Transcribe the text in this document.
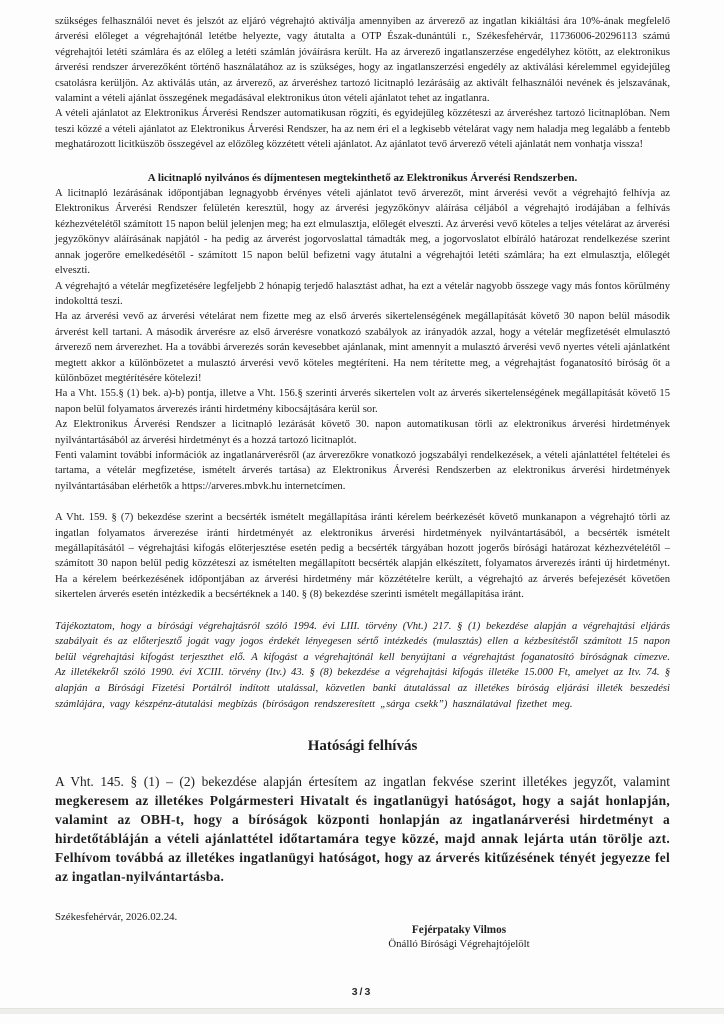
szükséges felhasználói nevet és jelszót az eljáró végrehajtó aktiválja amennyiben az árverező az ingatlan kikiáltási ára 10%-ának megfelelő árverési előleget a végrehajtónál letétbe helyezte, vagy átutalta a OTP Észak-dunántúli r., Székesfehérvár, 11736006-20296113 számú végrehajtói letéti számlára és az előleg a letéti számlán jóváírásra került. Ha az árverező ingatlanszerzése engedélyhez kötött, az elektronikus árverési rendszer árverezőként történő használatához az is szükséges, hogy az ingatlanszerzési engedély az aktiválási kérelemmel egyidejűleg csatolásra kerüljön. Az aktiválás után, az árverező, az árveréshez tartozó licitnapló lezárásáig az aktivált felhasználói nevének és jelszavának, valamint a vételi ajánlat összegének megadásával elektronikus úton vételi ajánlatot tehet az ingatlanra.

A vételi ajánlatot az Elektronikus Árverési Rendszer automatikusan rögzíti, és egyidejűleg közzéteszi az árveréshez tartozó licitnaplóban. Nem teszi közzé a vételi ajánlatot az Elektronikus Árverési Rendszer, ha az nem éri el a legkisebb vételárat vagy nem haladja meg legalább a fentebb meghatározott licitküszöb összegével az előzőleg közzétett vételi ajánlatot. Az ajánlatot tevő árverező vételi ajánlatát nem vonhatja vissza!

A licitnapló nyilvános és díjmentesen megtekinthető az Elektronikus Árverési Rendszerben.

A licitnapló lezárásának időpontjában legnagyobb érvényes vételi ajánlatot tevő árverezőt, mint árverési vevőt a végrehajtó felhívja az Elektronikus Árverési Rendszer felületén keresztül, hogy az árverési jegyzőkönyv aláírása céljából a végrehajtó irodájában a felhívás kézhezvételétől számított 15 napon belül jelenjen meg; ha ezt elmulasztja, előlegét elveszti. Az árverési vevő köteles a teljes vételárat az árverési jegyzőkönyv aláírásának napjától - ha pedig az árverést jogorvoslattal támadták meg, a jogorvoslatot elbíráló határozat rendelkezése szerint annak jogerőre emelkedésétől - számított 15 napon belül befizetni vagy átutalni a végrehajtói letéti számlára; ha ezt elmulasztja, előlegét elveszti.

A végrehajtó a vételár megfizetésére legfeljebb 2 hónapig terjedő halasztást adhat, ha ezt a vételár nagyobb összege vagy más fontos körülmény indokolttá teszi.

Ha az árverési vevő az árverési vételárat nem fizette meg az első árverés sikertelenségének megállapítását követő 30 napon belül második árverést kell tartani. A második árverésre az első árverésre vonatkozó szabályok az irányadók azzal, hogy a vételár megfizetését elmulasztó árverező nem árverezhet. Ha a további árverezés során kevesebbet ajánlanak, mint amennyit a mulasztó árverési vevő nyertes vételi ajánlatként megtett akkor a különbözetet a mulasztó árverési vevő köteles megtéríteni. Ha nem térítette meg, a végrehajtást foganatosító bíróság őt a különbözet megtérítésére kötelezi!

Ha a Vht. 155.§ (1) bek. a)-b) pontja, illetve a Vht. 156.§ szerinti árverés sikertelen volt az árverés sikertelenségének megállapítását követő 15 napon belül folyamatos árverezés iránti hirdetmény kibocsájtására kerül sor.

Az Elektronikus Árverési Rendszer a licitnapló lezárását követő 30. napon automatikusan törli az elektronikus árverési hirdetmények nyilvántartásából az árverési hirdetményt és a hozzá tartozó licitnaplót.

Fenti valamint további információk az ingatlanárverésről (az árverezőkre vonatkozó jogszabályi rendelkezések, a vételi ajánlattétel feltételei és tartama, a vételár megfizetése, ismételt árverés tartása) az Elektronikus Árverési Rendszerben az elektronikus árverési hirdetmények nyilvántartásában elérhetők a https://arveres.mbvk.hu internetcímen.

A Vht. 159. § (7) bekezdése szerint a becsérték ismételt megállapítása iránti kérelem beérkezését követő munkanapon a végrehajtó törli az ingatlan folyamatos árverezése iránti hirdetményét az elektronikus árverési hirdetmények nyilvántartásából, a becsérték ismételt megállapításától – végrehajtási kifogás előterjesztése esetén pedig a becsérték tárgyában hozott jogerős bírósági határozat kézhezvételétől – számított 30 napon belül pedig közzéteszi az ismételten megállapított becsérték alapján elkészített, folyamatos árverezés iránti új hirdetményt. Ha a kérelem beérkezésének időpontjában az árverési hirdetmény már közzétételre került, a végrehajtó az árverés befejezését követően sikertelen árverés esetén intézkedik a becsértéknek a 140. § (8) bekezdése szerinti ismételt megállapítása iránt.

Tájékoztatom, hogy a bírósági végrehajtásról szóló 1994. évi LIII. törvény (Vht.) 217. § (1) bekezdése alapján a végrehajtási eljárás szabályait és az előterjesztő jogát vagy jogos érdekét lényegesen sértő intézkedés (mulasztás) ellen a kézbesítéstől számított 15 napon belül végrehajtási kifogást terjeszthet elő. A kifogást a végrehajtónál kell benyújtani a végrehajtást foganatosító bíróságnak címezve. Az illetékekről szóló 1990. évi XCIII. törvény (Itv.) 43. § (8) bekezdése a végrehajtási kifogás illetéke 15.000 Ft, amelyet az Itv. 74. § alapján a Bírósági Fizetési Portálról indított utalással, közvetlen banki átutalással az illetékes bíróság eljárási illeték beszedési számlájára, vagy készpénz-átutalási megbízás (bíróságon rendszeresített „sárga csekk”) használatával fizethet meg.

Hatósági felhívás

A Vht. 145. § (1) – (2) bekezdése alapján értesítem az ingatlan fekvése szerint illetékes jegyzőt, valamint megkeresem az illetékes Polgármesteri Hivatalt és ingatlanügyi hatóságot, hogy a saját honlapján, valamint az OBH-t, hogy a bíróságok központi honlapján az ingatlanárverési hirdetményt a hirdetőtábláján a vételi ajánlattétel időtartamára tegye közzé, majd annak lejárta után törölje azt. Felhívom továbbá az illetékes ingatlanügyi hatóságot, hogy az árverés kitűzésének tényét jegyezze fel az ingatlan-nyilvántartásba.

Székesfehérvár, 2026.02.24.
Fejérpataky Vilmos
Önálló Bírósági Végrehajtójelölt
3/3
